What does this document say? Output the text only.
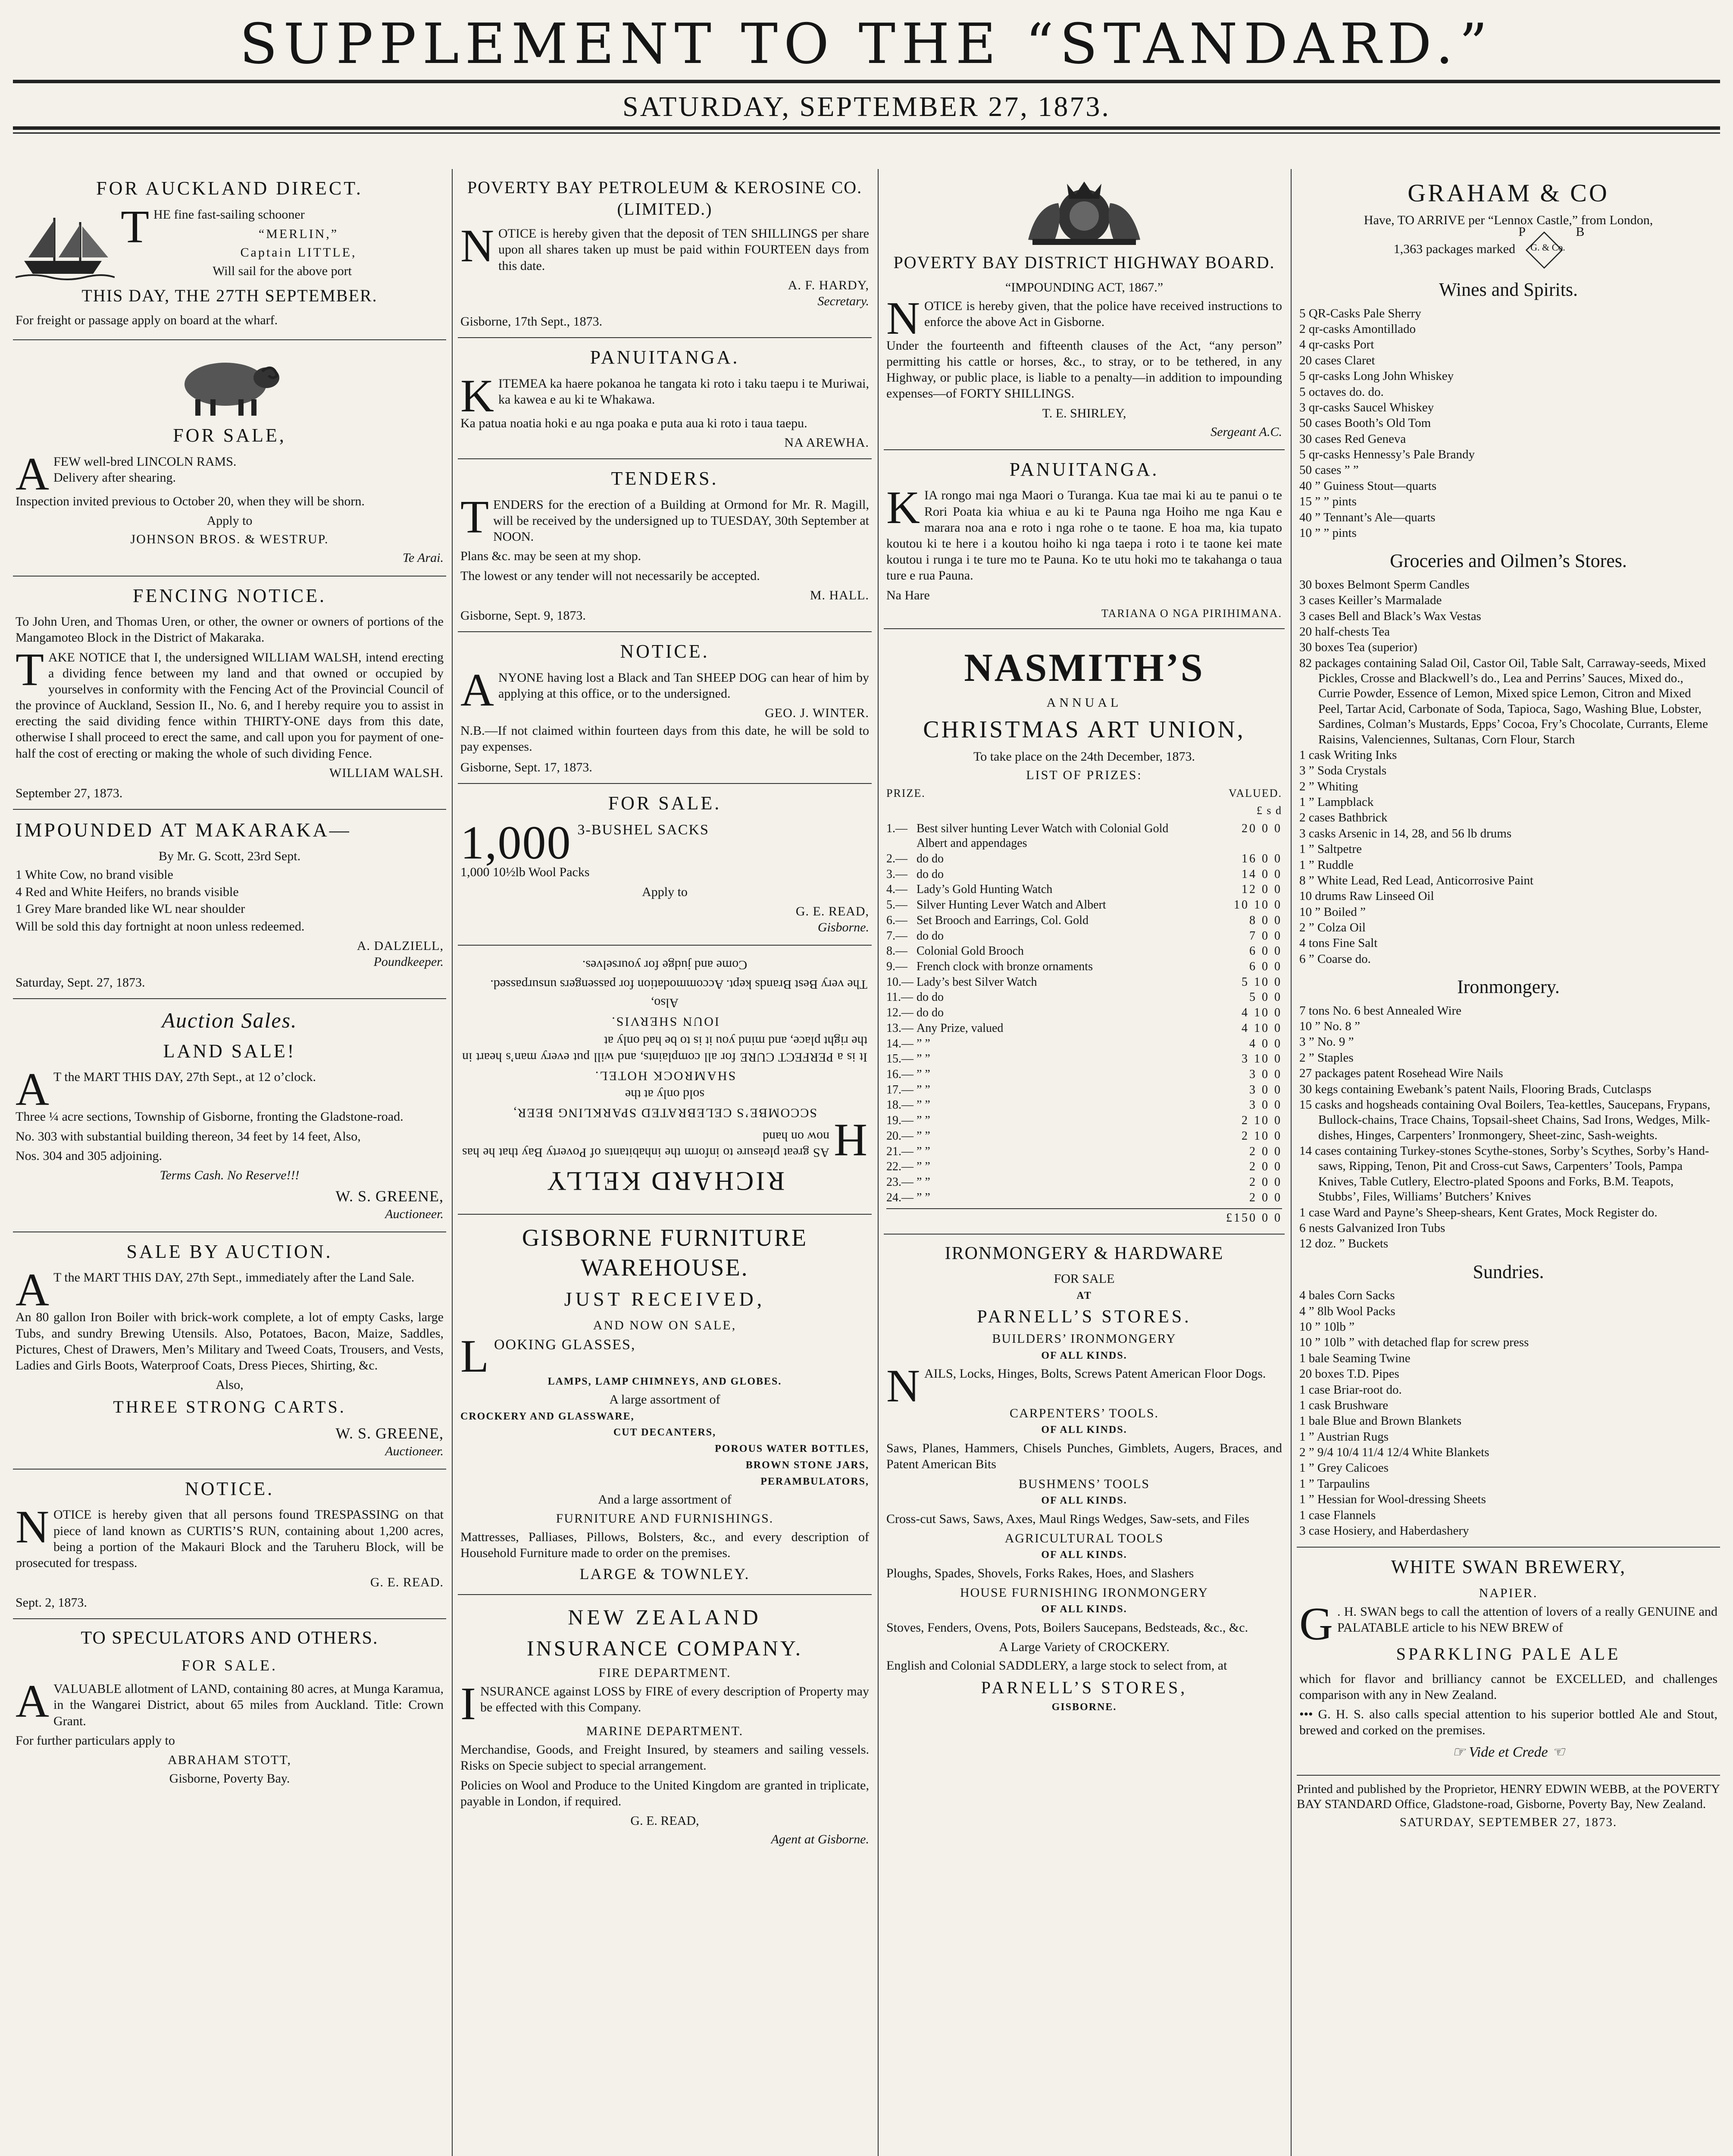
SUPPLEMENT TO THE “STANDARD.”
SATURDAY, SEPTEMBER 27, 1873.
FOR AUCKLAND DIRECT.
THE fine fast-sailing schooner
“MERLIN,”
Captain LITTLE,
Will sail for the above port
THIS DAY, THE 27TH SEPTEMBER.
For freight or passage apply on board at the wharf.
FOR SALE,
AFEW well-bred LINCOLN RAMS.
Delivery after shearing.
Inspection invited previous to October 20, when they will be shorn.
Apply to
JOHNSON BROS. & WESTRUP.
Te Arai.
FENCING NOTICE.
To John Uren, and Thomas Uren, or other, the owner or owners of portions of the Mangamoteo Block in the District of Makaraka.
TAKE NOTICE that I, the undersigned WILLIAM WALSH, intend erecting a dividing fence between my land and that owned or occupied by yourselves in conformity with the Fencing Act of the Provincial Council of the province of Auckland, Session II., No. 6, and I hereby require you to assist in erecting the said dividing fence within THIRTY-ONE days from this date, otherwise I shall proceed to erect the same, and call upon you for payment of one-half the cost of erecting or making the whole of such dividing Fence.
WILLIAM WALSH.
September 27, 1873.
IMPOUNDED AT MAKARAKA—
By Mr. G. Scott, 23rd Sept.
1 White Cow, no brand visible
4 Red and White Heifers, no brands visible
1 Grey Mare branded like WL near shoulder
Will be sold this day fortnight at noon unless redeemed.
A. DALZIELL,
Poundkeeper.
Saturday, Sept. 27, 1873.
Auction Sales.
LAND SALE!
A T the MART THIS DAY, 27th Sept., at 12 o’clock.
Three ¼ acre sections, Township of Gisborne, fronting the Gladstone-road.
No. 303 with substantial building thereon, 34 feet by 14 feet, Also,
Nos. 304 and 305 adjoining.
Terms Cash. No Reserve!!!
W. S. GREENE,
Auctioneer.
SALE BY AUCTION.
A T the MART THIS DAY, 27th Sept., immediately after the Land Sale.
An 80 gallon Iron Boiler with brick-work complete, a lot of empty Casks, large Tubs, and sundry Brewing Utensils. Also, Potatoes, Bacon, Maize, Saddles, Pictures, Chest of Drawers, Men’s Military and Tweed Coats, Trousers, and Vests, Ladies and Girls Boots, Waterproof Coats, Dress Pieces, Shirting, &c.
Also,
THREE STRONG CARTS.
W. S. GREENE,
Auctioneer.
NOTICE.
NOTICE is hereby given that all persons found TRESPASSING on that piece of land known as CURTIS’S RUN, containing about 1,200 acres, being a portion of the Makauri Block and the Taruheru Block, will be prosecuted for trespass.
G. E. READ.
Sept. 2, 1873.
TO SPECULATORS AND OTHERS.
FOR SALE.
AVALUABLE allotment of LAND, containing 80 acres, at Munga Karamua, in the Wangarei District, about 65 miles from Auckland. Title: Crown Grant.
For further particulars apply to
ABRAHAM STOTT,
Gisborne, Poverty Bay.
POVERTY BAY PETROLEUM & KEROSINE CO. (LIMITED.)
NOTICE is hereby given that the deposit of TEN SHILLINGS per share upon all shares taken up must be paid within FOURTEEN days from this date.
A. F. HARDY,
Secretary.
Gisborne, 17th Sept., 1873.
PANUITANGA.
KITEMEA ka haere pokanoa he tangata ki roto i taku taepu i te Muriwai, ka kawea e au ki te Whakawa.
Ka patua noatia hoki e au nga poaka e puta aua ki roto i taua taepu.
NA AREWHA.
TENDERS.
TENDERS for the erection of a Building at Ormond for Mr. R. Magill, will be received by the undersigned up to TUESDAY, 30th September at NOON.
Plans &c. may be seen at my shop.
The lowest or any tender will not necessarily be accepted.
M. HALL.
Gisborne, Sept. 9, 1873.
NOTICE.
ANYONE having lost a Black and Tan SHEEP DOG can hear of him by applying at this office, or to the undersigned.
GEO. J. WINTER.
N.B.—If not claimed within fourteen days from this date, he will be sold to pay expenses.
Gisborne, Sept. 17, 1873.
FOR SALE.
1,000 3-BUSHEL SACKS
1,000 10½lb Wool Packs
Apply to
G. E. READ,
Gisborne.
RICHARD KELLY
H
AS great pleasure to inform the inhabitants of Poverty Bay that he has now on hand
SCCOMBE’S CELEBRATED SPARKLING BEER,
sold only at the
SHAMROCK HOTEL.
It is a PERFECT CURE for all complaints, and will put every man’s heart in the right place, and mind you it is to be had only at
IOUN SHERVIS.
Also,
The very Best Brands kept. Accommodation for passengers unsurpassed.
Come and judge for yourselves.
GISBORNE FURNITURE WAREHOUSE.
JUST RECEIVED,
AND NOW ON SALE,
LOOKING GLASSES,
LAMPS, LAMP CHIMNEYS, AND GLOBES.
A large assortment of
CROCKERY AND GLASSWARE,
CUT DECANTERS,
POROUS WATER BOTTLES,
BROWN STONE JARS,
PERAMBULATORS,
And a large assortment of
FURNITURE AND FURNISHINGS.
Mattresses, Palliases, Pillows, Bolsters, &c., and every description of Household Furniture made to order on the premises.
LARGE & TOWNLEY.
NEW ZEALAND
INSURANCE COMPANY.
FIRE DEPARTMENT.
INSURANCE against LOSS by FIRE of every description of Property may be effected with this Company.
MARINE DEPARTMENT.
Merchandise, Goods, and Freight Insured, by steamers and sailing vessels. Risks on Specie subject to special arrangement.
Policies on Wool and Produce to the United Kingdom are granted in triplicate, payable in London, if required.
G. E. READ,
Agent at Gisborne.
POVERTY BAY DISTRICT HIGHWAY BOARD.
“IMPOUNDING ACT, 1867.”
NOTICE is hereby given, that the police have received instructions to enforce the above Act in Gisborne.
Under the fourteenth and fifteenth clauses of the Act, “any person” permitting his cattle or horses, &c., to stray, or to be tethered, in any Highway, or public place, is liable to a penalty—in addition to impounding expenses—of FORTY SHILLINGS.
T. E. SHIRLEY,
Sergeant A.C.
PANUITANGA.
KIA rongo mai nga Maori o Turanga. Kua tae mai ki au te panui o te Rori Poata kia whiua e au ki te Pauna nga Hoiho me nga Kau e marara noa ana e roto i nga rohe o te taone. E hoa ma, kia tupato koutou ki te here i a koutou hoiho ki nga taepa i roto i te taone kei mate koutou i runga i te ture mo te Pauna. Ko te utu hoki mo te takahanga o taua ture e rua Pauna.
Na Hare
TARIANA O NGA PIRIHIMANA.
NASMITH’S
ANNUAL
CHRISTMAS ART UNION,
To take place on the 24th December, 1873.
LIST OF PRIZES:
PRIZE.	VALUED.
£ s d
1.— Best silver hunting Lever Watch with Colonial Gold Albert and appendages
20 0 0
2.— do do	16 0 0
3.— do do	14 0 0
4.— Lady’s Gold Hunting Watch	12 0 0
5.— Silver Hunting Lever Watch and Albert	10 10 0
6.— Set Brooch and Earrings, Col. Gold	8 0 0
7.— do do	7 0 0
8.— Colonial Gold Brooch	6 0 0
9.— French clock with bronze ornaments	6 0 0
10.— Lady’s best Silver Watch	5 10 0
11.— do do	5 0 0
12.— do do	4 10 0
13.— Any Prize, valued	4 10 0
14.— ” ”	4 0 0
15.— ” ”	3 10 0
16.— ” ”	3 0 0
17.— ” ”	3 0 0
18.— ” ”	3 0 0
19.— ” ”	2 10 0
20.— ” ”	2 10 0
21.— ” ”	2 0 0
22.— ” ”	2 0 0
23.— ” ”	2 0 0
24.— ” ”	2 0 0
£150 0 0
IRONMONGERY & HARDWARE
FOR SALE
AT
PARNELL’S STORES.
BUILDERS’ IRONMONGERY
OF ALL KINDS.
NAILS, Locks, Hinges, Bolts, Screws Patent American Floor Dogs.
CARPENTERS’ TOOLS.
OF ALL KINDS.
Saws, Planes, Hammers, Chisels Punches, Gimblets, Augers, Braces, and Patent American Bits
BUSHMENS’ TOOLS
OF ALL KINDS.
Cross-cut Saws, Saws, Axes, Maul Rings Wedges, Saw-sets, and Files
AGRICULTURAL TOOLS
OF ALL KINDS.
Ploughs, Spades, Shovels, Forks Rakes, Hoes, and Slashers
HOUSE FURNISHING IRONMONGERY
OF ALL KINDS.
Stoves, Fenders, Ovens, Pots, Boilers Saucepans, Bedsteads, &c., &c.
A Large Variety of CROCKERY.
English and Colonial SADDLERY, a large stock to select from, at
PARNELL’S STORES,
GISBORNE.
GRAHAM & CO
Have, TO ARRIVE per “Lennox Castle,” from London,
1,363 packages marked $^{G. \& Co.}$ P	B
Wines and Spirits.
5 QR-Casks Pale Sherry
2 qr-casks Amontillado
4 qr-casks Port
20 cases Claret
5 qr-casks Long John Whiskey
5 octaves do. do.
3 qr-casks Saucel Whiskey
50 cases Booth’s Old Tom
30 cases Red Geneva
5 qr-casks Hennessy’s Pale Brandy
50 cases ” ”
40 ” Guiness Stout—quarts
15 ” ” pints
40 ” Tennant’s Ale—quarts
10 ” ” pints
Groceries and Oilmen’s Stores.
30 boxes Belmont Sperm Candles
3 cases Keiller’s Marmalade
3 cases Bell and Black’s Wax Vestas
20 half-chests Tea
30 boxes Tea (superior)
82 packages containing Salad Oil, Castor Oil, Table Salt, Carraway-seeds, Mixed Pickles, Crosse and Blackwell’s do., Lea and Perrins’ Sauces, Mixed do., Currie Powder, Essence of Lemon, Mixed spice Lemon, Citron and Mixed Peel, Tartar Acid, Carbonate of Soda, Tapioca, Sago, Washing Blue, Lobster, Sardines, Colman’s Mustards, Epps’ Cocoa, Fry’s Chocolate, Currants, Eleme Raisins, Valenciennes, Sultanas, Corn Flour, Starch
1 cask Writing Inks
3 ” Soda Crystals
2 ” Whiting
1 ” Lampblack
2 cases Bathbrick
3 casks Arsenic in 14, 28, and 56 lb drums
1 ” Saltpetre
1 ” Ruddle
8 ” White Lead, Red Lead, Anticorrosive Paint
10 drums Raw Linseed Oil
10 ” Boiled ”
2 ” Colza Oil
4 tons Fine Salt
6 ” Coarse do.
Ironmongery.
7 tons No. 6 best Annealed Wire
10 ” No. 8 ”
3 ” No. 9 ”
2 ” Staples
27 packages patent Rosehead Wire Nails
30 kegs containing Ewebank’s patent Nails, Flooring Brads, Cutclasps
15 casks and hogsheads containing Oval Boilers, Tea-kettles, Saucepans, Frypans, Bullock-chains, Trace Chains, Topsail-sheet Chains, Sad Irons, Wedges, Milk-dishes, Hinges, Carpenters’ Ironmongery, Sheet-zinc, Sash-weights.
14 cases containing Turkey-stones Scythe-stones, Sorby’s Scythes, Sorby’s Hand-saws, Ripping, Tenon, Pit and Cross-cut Saws, Carpenters’ Tools, Pampa Knives, Table Cutlery, Electro-plated Spoons and Forks, B.M. Teapots, Stubbs’, Files, Williams’ Butchers’ Knives
1 case Ward and Payne’s Sheep-shears, Kent Grates, Mock Register do.
6 nests Galvanized Iron Tubs
12 doz. ” Buckets
Sundries.
4 bales Corn Sacks
4 ” 8lb Wool Packs
10 ” 10lb ”
10 ” 10lb ” with detached flap for screw press
1 bale Seaming Twine
20 boxes T.D. Pipes
1 case Briar-root do.
1 cask Brushware
1 bale Blue and Brown Blankets
1 ” Austrian Rugs
2 ” 9/4 10/4 11/4 12/4 White Blankets
1 ” Grey Calicoes
1 ” Tarpaulins
1 ” Hessian for Wool-dressing Sheets
1 case Flannels
3 case Hosiery, and Haberdashery
WHITE SWAN BREWERY,
NAPIER.
G . H. SWAN begs to call the attention of lovers of a really GENUINE and PALATABLE article to his NEW BREW of
SPARKLING PALE ALE
which for flavor and brilliancy cannot be EXCELLED, and challenges comparison with any in New Zealand.
••• G. H. S. also calls special attention to his superior bottled Ale and Stout, brewed and corked on the premises.
☞ Vide et Crede ☜
Printed and published by the Proprietor, HENRY EDWIN WEBB, at the POVERTY BAY STANDARD Office, Gladstone-road, Gisborne, Poverty Bay, New Zealand.
SATURDAY, SEPTEMBER 27, 1873.
